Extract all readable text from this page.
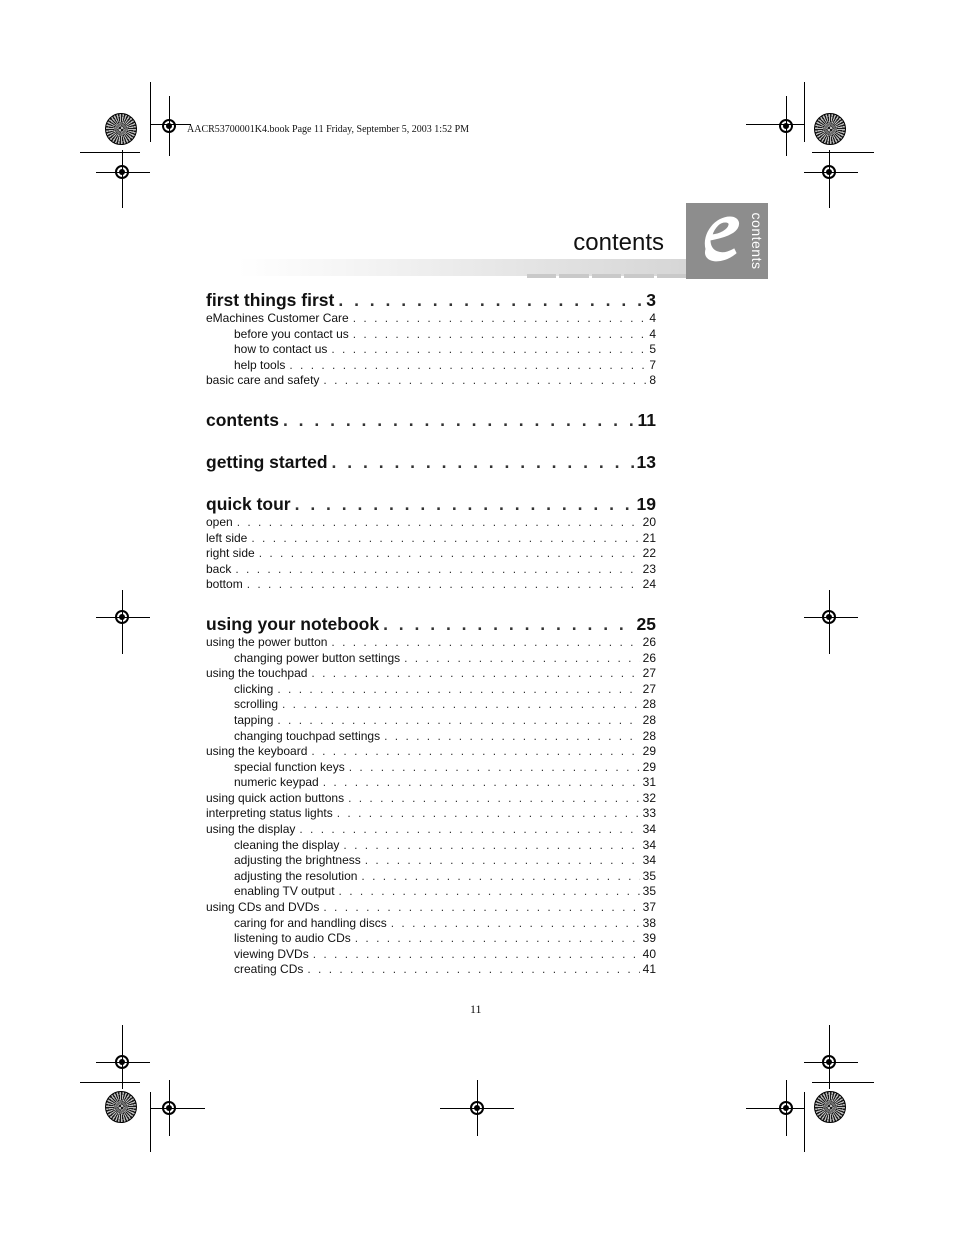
AACR53700001K4.book Page 11 Friday, September 5, 2003 1:52 PM
contents	contents
first things first . . .	3
eMachines Customer Care . . .	4
before you contact us . . .	4
how to contact us . . .	5
help tools . . .	7
basic care and safety . . .	8
contents . . .	11
getting started . . .	13
quick tour . . .	19
open . . .	20
left side . . .	21
right side . . .	22
back . . .	23
bottom . . .	24
using your notebook . . .	25
using the power button . . .	26
changing power button settings . . .	26
using the touchpad . . .	27
clicking . . .	27
scrolling . . .	28
tapping . . .	28
changing touchpad settings . . .	28
using the keyboard . . .	29
special function keys . . .	29
numeric keypad . . .	31
using quick action buttons . . .	32
interpreting status lights . . .	33
using the display . . .	34
cleaning the display . . .	34
adjusting the brightness . . .	34
adjusting the resolution . . .	35
enabling TV output . . .	35
using CDs and DVDs . . .	37
caring for and handling discs . . .	38
listening to audio CDs . . .	39
viewing DVDs . . .	40
creating CDs . . .	41
11
